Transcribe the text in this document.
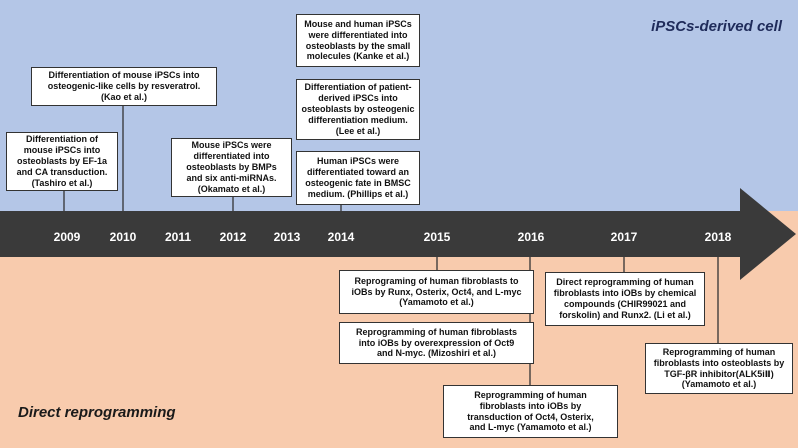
iPSCs-derived cell
Direct reprogramming
2009	2010	2011	2012	2013	2014	2015	2016	2017	2018
Differentiation of
mouse iPSCs into
osteoblasts by EF-1a
and CA transduction.
(Tashiro et al.)
Differentiation of mouse iPSCs into
osteogenic-like cells by resveratrol.
(Kao et al.)
Mouse iPSCs were
differentiated into
osteoblasts by BMPs
and six anti-miRNAs.
(Okamato et al.)
Mouse and human iPSCs
were differentiated into
osteoblasts by the small
molecules (Kanke et al.)
Differentiation of patient-
derived iPSCs into
osteoblasts by osteogenic
differentiation medium.
(Lee et al.)
Human iPSCs were
differentiated toward an
osteogenic fate in BMSC
medium. (Phillips et al.)
Reprograming of human fibroblasts to
iOBs by Runx, Osterix, Oct4, and L-myc
(Yamamoto et al.)
Reprogramming of human fibroblasts
into iOBs by overexpression of Oct9
and N-myc. (Mizoshiri et al.)
Reprogramming of human
fibroblasts into iOBs by
transduction of Oct4, Osterix,
and L-myc (Yamamoto et al.)
Direct reprogramming of human
fibroblasts into iOBs by chemical
compounds (CHIR99021 and
forskolin) and Runx2. (Li et al.)
Reprogramming of human
fibroblasts into osteoblasts by
TGF-βR inhibitor(ALK5iⅡ)
(Yamamoto et al.)
